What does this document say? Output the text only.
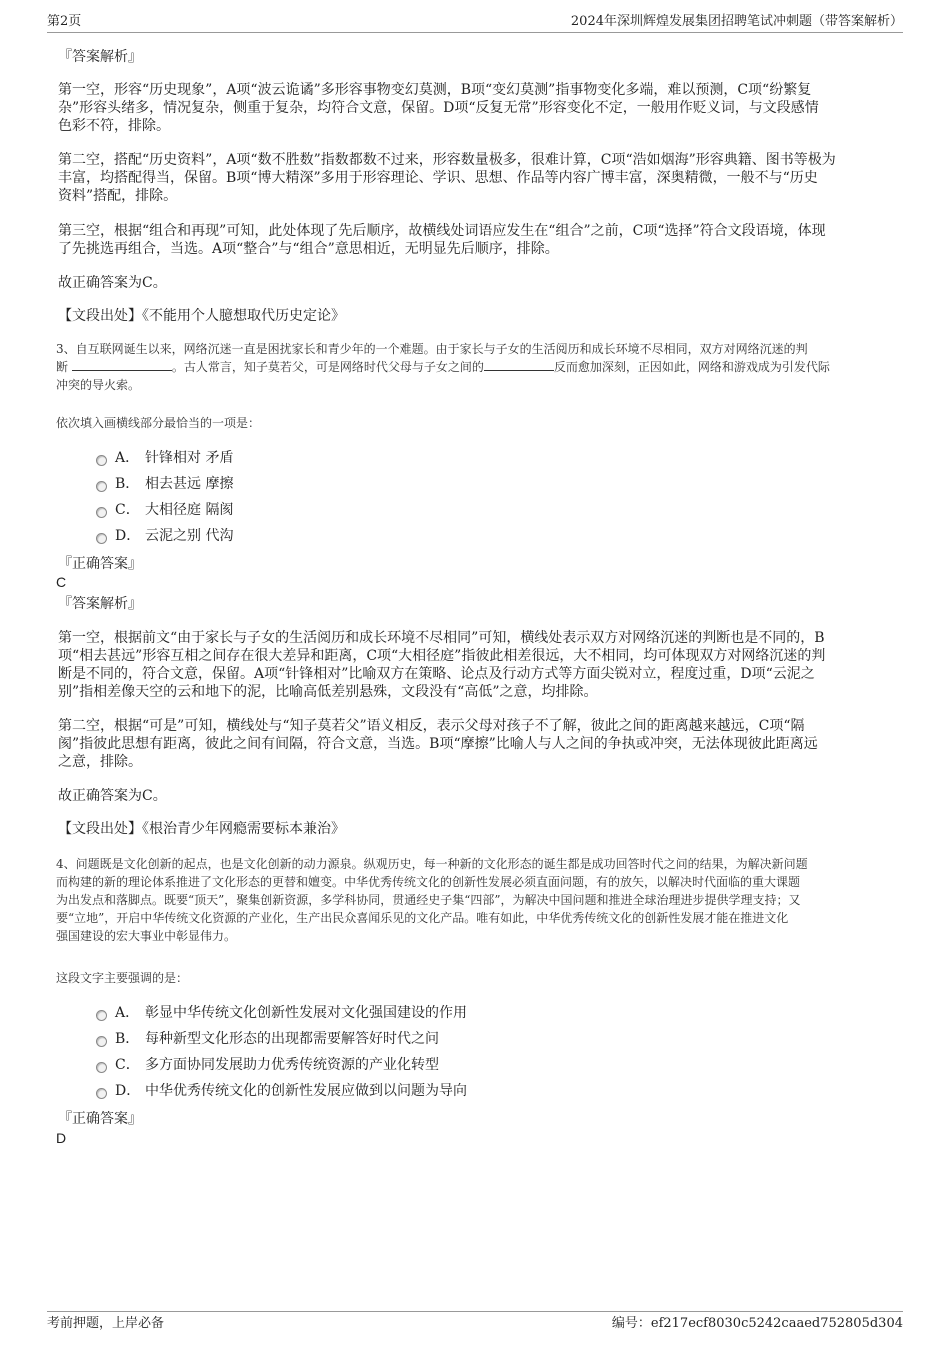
第2页	2024年深圳辉煌发展集团招聘笔试冲刺题（带答案解析）
『答案解析』
第一空，形容“历史现象”，A项“波云诡谲”多形容事物变幻莫测，B项“变幻莫测”指事物变化多端，难以预测，C项“纷繁复
杂”形容头绪多，情况复杂，侧重于复杂，均符合文意，保留。D项“反复无常”形容变化不定，一般用作贬义词，与文段感情
色彩不符，排除。
第二空，搭配“历史资料”，A项“数不胜数”指数都数不过来，形容数量极多，很难计算，C项“浩如烟海”形容典籍、图书等极为
丰富，均搭配得当，保留。B项“博大精深”多用于形容理论、学识、思想、作品等内容广博丰富，深奥精微，一般不与“历史
资料”搭配，排除。
第三空，根据“组合和再现”可知，此处体现了先后顺序，故横线处词语应发生在“组合”之前，C项“选择”符合文段语境，体现
了先挑选再组合，当选。A项“整合”与“组合”意思相近，无明显先后顺序，排除。
故正确答案为C。
【文段出处】《不能用个人臆想取代历史定论》
3、自互联网诞生以来，网络沉迷一直是困扰家长和青少年的一个难题。由于家长与子女的生活阅历和成长环境不尽相同，双方对网络沉迷的判
断	。古人常言，知子莫若父，可是网络时代父母与子女之间的	反而愈加深刻，正因如此，网络和游戏成为引发代际
冲突的导火索。
依次填入画横线部分最恰当的一项是：
A． 针锋相对 矛盾
B． 相去甚远 摩擦
C． 大相径庭 隔阂
D． 云泥之别 代沟
『正确答案』
C
『答案解析』
第一空，根据前文“由于家长与子女的生活阅历和成长环境不尽相同”可知，横线处表示双方对网络沉迷的判断也是不同的，B
项“相去甚远”形容互相之间存在很大差异和距离，C项“大相径庭”指彼此相差很远，大不相同，均可体现双方对网络沉迷的判
断是不同的，符合文意，保留。A项“针锋相对”比喻双方在策略、论点及行动方式等方面尖锐对立，程度过重，D项“云泥之
别”指相差像天空的云和地下的泥，比喻高低差别悬殊，文段没有“高低”之意，均排除。
第二空，根据“可是”可知，横线处与“知子莫若父”语义相反，表示父母对孩子不了解，彼此之间的距离越来越远，C项“隔
阂”指彼此思想有距离，彼此之间有间隔，符合文意，当选。B项“摩擦”比喻人与人之间的争执或冲突，无法体现彼此距离远
之意，排除。
故正确答案为C。
【文段出处】《根治青少年网瘾需要标本兼治》
4、问题既是文化创新的起点，也是文化创新的动力源泉。纵观历史，每一种新的文化形态的诞生都是成功回答时代之问的结果，为解决新问题
而构建的新的理论体系推进了文化形态的更替和嬗变。中华优秀传统文化的创新性发展必须直面问题，有的放矢，以解决时代面临的重大课题
为出发点和落脚点。既要“顶天”，聚集创新资源，多学科协同，贯通经史子集“四部”，为解决中国问题和推进全球治理进步提供学理支持；又
要“立地”，开启中华传统文化资源的产业化，生产出民众喜闻乐见的文化产品。唯有如此，中华优秀传统文化的创新性发展才能在推进文化
强国建设的宏大事业中彰显伟力。
这段文字主要强调的是：
A． 彰显中华传统文化创新性发展对文化强国建设的作用
B． 每种新型文化形态的出现都需要解答好时代之问
C． 多方面协同发展助力优秀传统资源的产业化转型
D． 中华优秀传统文化的创新性发展应做到以问题为导向
『正确答案』
D
考前押题，上岸必备	编号：ef217ecf8030c5242caaed752805d304
